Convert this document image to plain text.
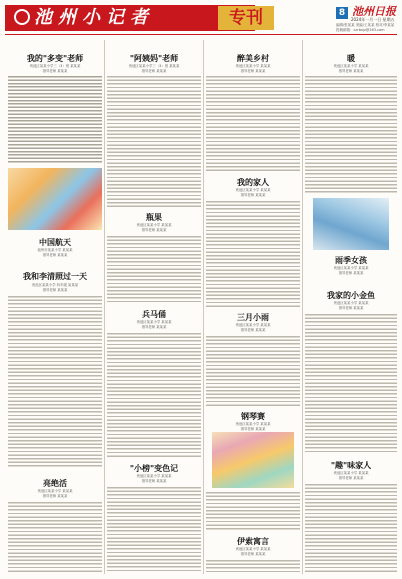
池州小记者	专刊	8 池州日报
2024年一月一日 星期五
编辑/张某某 美编/王某某 校对/李某某
投稿邮箱：czrbxjz@163.com
我的"多变"老师
贵池区某某小学三（3）班 某某某
指导老师 某某某
中国航天
池州市某某小学 某某某
指导老师 某某某
我和李清照过一天
贵池区某某小学 四年级 某某某
指导老师 某某某
亮绝活
贵池区某某小学 某某某
指导老师 某某某
"阿姨妈"老师
贵池区某某小学三（3）班 某某某
指导老师 某某某
瓶果
贵池区某某小学 某某某
指导老师 某某某
兵马俑
贵池区某某小学 某某某
指导老师 某某某
"小榜"变色记
贵池区某某小学 某某某
指导老师 某某某
醉美乡村
贵池区某某小学 某某某
指导老师 某某某
我的家人
贵池区某某小学 某某某
指导老师 某某某
三月小雨
贵池区某某小学 某某某
指导老师 某某某
钢琴赛
贵池区某某小学 某某某
指导老师 某某某
伊索寓言
贵池区某某小学 某某某
指导老师 某某某
暖
贵池区某某小学 某某某
指导老师 某某某
雨季女孩
贵池区某某小学 某某某
指导老师 某某某
我家的小金鱼
贵池区某某小学 某某某
指导老师 某某某
"趣"味家人
贵池区某某小学 某某某
指导老师 某某某
